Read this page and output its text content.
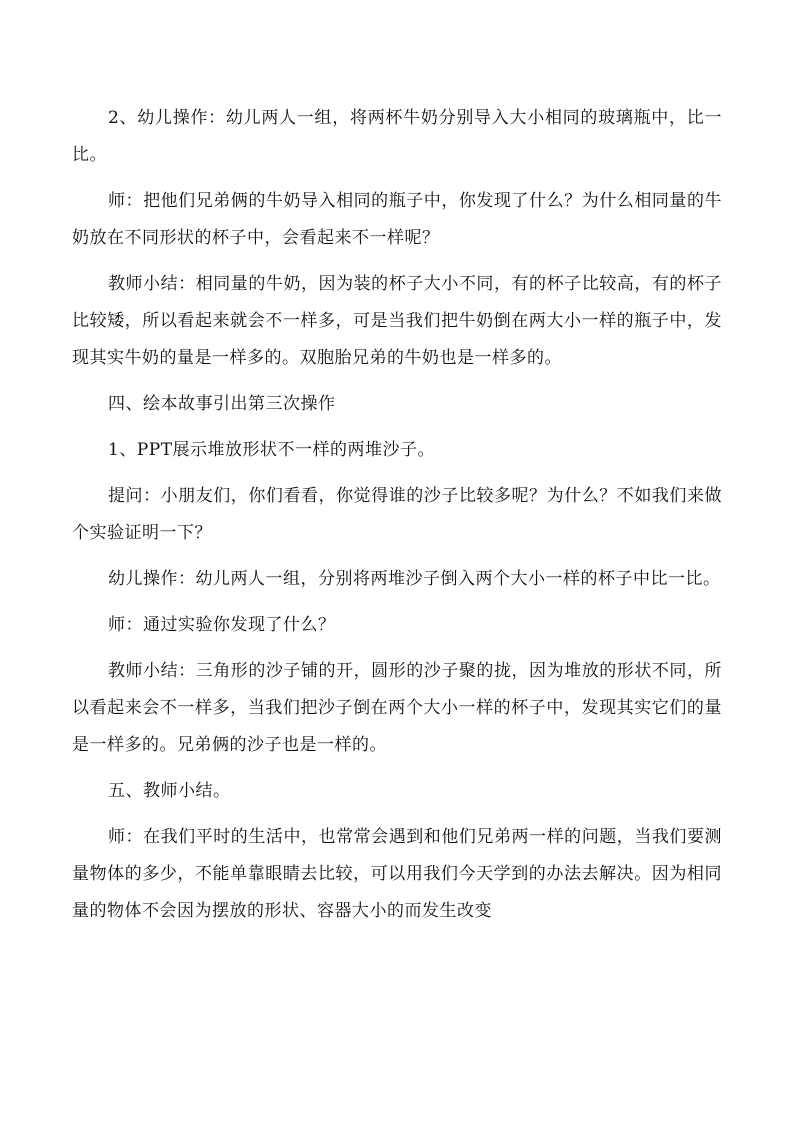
2、幼儿操作：幼儿两人一组，将两杯牛奶分别导入大小相同的玻璃瓶中，比一比。

师：把他们兄弟俩的牛奶导入相同的瓶子中，你发现了什么？为什么相同量的牛奶放在不同形状的杯子中，会看起来不一样呢？

教师小结：相同量的牛奶，因为装的杯子大小不同，有的杯子比较高，有的杯子比较矮，所以看起来就会不一样多，可是当我们把牛奶倒在两大小一样的瓶子中，发现其实牛奶的量是一样多的。双胞胎兄弟的牛奶也是一样多的。

四、绘本故事引出第三次操作

1、PPT展示堆放形状不一样的两堆沙子。

提问：小朋友们，你们看看，你觉得谁的沙子比较多呢？为什么？不如我们来做个实验证明一下？

幼儿操作：幼儿两人一组，分别将两堆沙子倒入两个大小一样的杯子中比一比。

师：通过实验你发现了什么？

教师小结：三角形的沙子铺的开，圆形的沙子聚的拢，因为堆放的形状不同，所以看起来会不一样多，当我们把沙子倒在两个大小一样的杯子中，发现其实它们的量是一样多的。兄弟俩的沙子也是一样的。

五、教师小结。

师：在我们平时的生活中，也常常会遇到和他们兄弟两一样的问题，当我们要测量物体的多少，不能单靠眼睛去比较，可以用我们今天学到的办法去解决。因为相同量的物体不会因为摆放的形状、容器大小的而发生改变
